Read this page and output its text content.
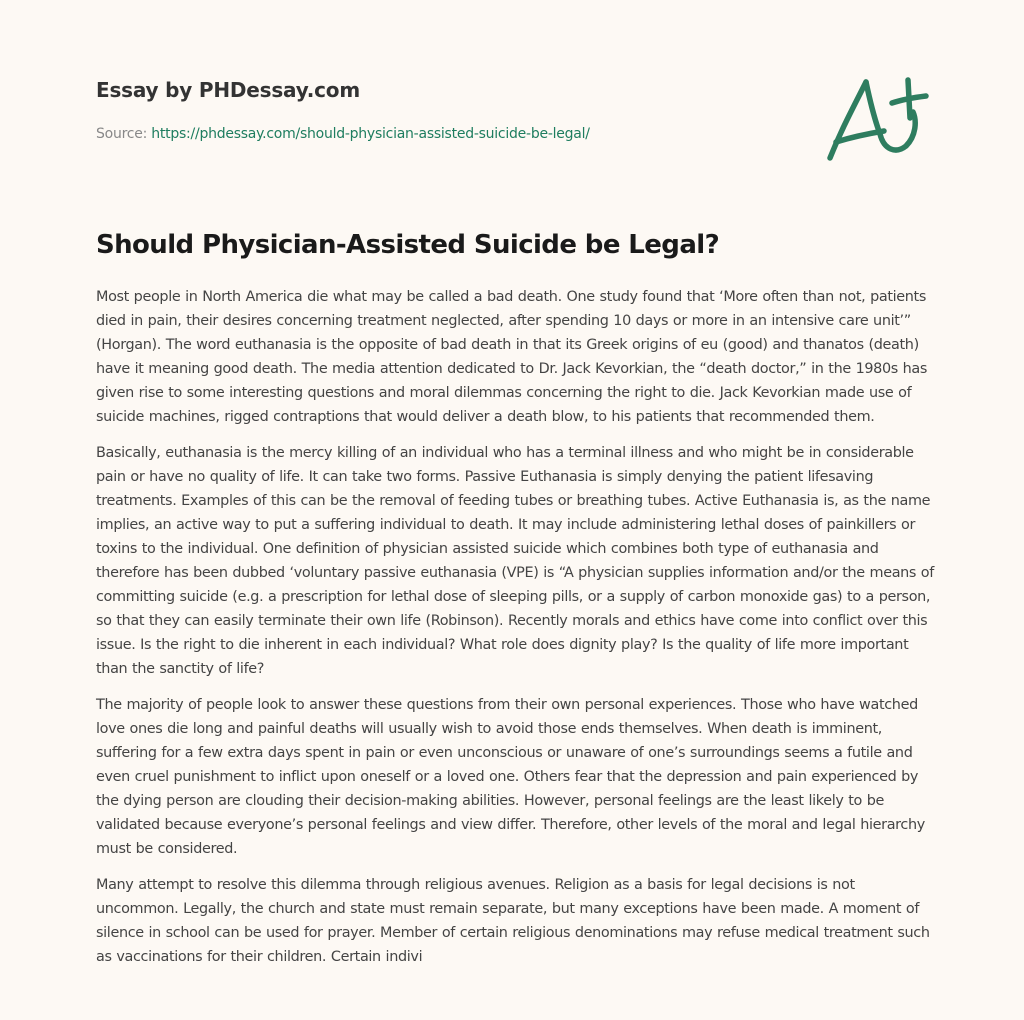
Essay by PHDessay.com
Source: https://phdessay.com/should-physician-assisted-suicide-be-legal/
Should Physician-Assisted Suicide be Legal?

Most people in North America die what may be called a bad death. One study found that ‘More often than not, patients died in pain, their desires concerning treatment neglected, after spending 10 days or more in an intensive care unit’” (Horgan). The word euthanasia is the opposite of bad death in that its Greek origins of eu (good) and thanatos (death) have it meaning good death. The media attention dedicated to Dr. Jack Kevorkian, the “death doctor,” in the 1980s has given rise to some interesting questions and moral dilemmas concerning the right to die. Jack Kevorkian made use of suicide machines, rigged contraptions that would deliver a death blow, to his patients that recommended them.

Basically, euthanasia is the mercy killing of an individual who has a terminal illness and who might be in considerable pain or have no quality of life. It can take two forms. Passive Euthanasia is simply denying the patient lifesaving treatments. Examples of this can be the removal of feeding tubes or breathing tubes. Active Euthanasia is, as the name implies, an active way to put a suffering individual to death. It may include administering lethal doses of painkillers or toxins to the individual. One definition of physician assisted suicide which combines both type of euthanasia and therefore has been dubbed ‘voluntary passive euthanasia (VPE) is “A physician supplies information and/or the means of committing suicide (e.g. a prescription for lethal dose of sleeping pills, or a supply of carbon monoxide gas) to a person, so that they can easily terminate their own life (Robinson). Recently morals and ethics have come into conflict over this issue. Is the right to die inherent in each individual? What role does dignity play? Is the quality of life more important than the sanctity of life?

The majority of people look to answer these questions from their own personal experiences. Those who have watched love ones die long and painful deaths will usually wish to avoid those ends themselves. When death is imminent, suffering for a few extra days spent in pain or even unconscious or unaware of one’s surroundings seems a futile and even cruel punishment to inflict upon oneself or a loved one. Others fear that the depression and pain experienced by the dying person are clouding their decision-making abilities. However, personal feelings are the least likely to be validated because everyone’s personal feelings and view differ. Therefore, other levels of the moral and legal hierarchy must be considered.

Many attempt to resolve this dilemma through religious avenues. Religion as a basis for legal decisions is not uncommon. Legally, the church and state must remain separate, but many exceptions have been made. A moment of silence in school can be used for prayer. Member of certain religious denominations may refuse medical treatment such as vaccinations for their children. Certain indivi
